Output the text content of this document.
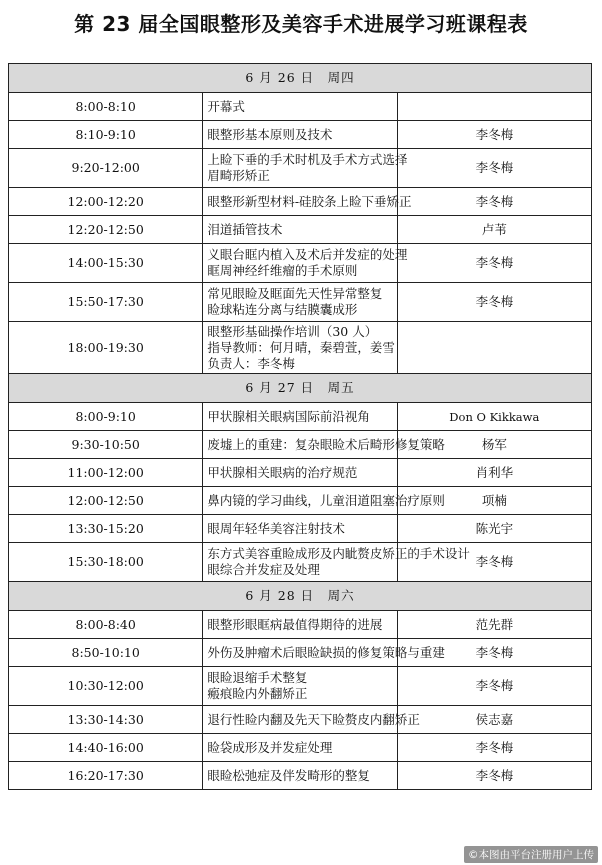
第 23 届全国眼整形及美容手术进展学习班课程表
6 月 26 日　周四		
8:00-8:10	开幕式	

8:10-9:10	眼整形基本原则及技术	李冬梅
9:20-12:00	上睑下垂的手术时机及手术方式选择
眉畸形矫正	李冬梅
12:00-12:20	眼整形新型材料-硅胶条上睑下垂矫正	李冬梅
12:20-12:50	泪道插管技术	卢苇
14:00-15:30	义眼台眶内植入及术后并发症的处理
眶周神经纤维瘤的手术原则	李冬梅
15:50-17:30	常见眼睑及眶面先天性异常整复
睑球粘连分离与结膜囊成形	李冬梅
18:00-19:30	眼整形基础操作培训（30 人）
指导教师：何月晴，秦碧萱，姜雪
负责人：李冬梅	

6 月 27 日　周五		
8:00-9:10	甲状腺相关眼病国际前沿视角	Don O Kikkawa
9:30-10:50	废墟上的重建：复杂眼睑术后畸形修复策略	杨军
11:00-12:00	甲状腺相关眼病的治疗规范	肖利华
12:00-12:50	鼻内镜的学习曲线，儿童泪道阻塞治疗原则	项楠
13:30-15:20	眼周年轻华美容注射技术	陈光宇
15:30-18:00	东方式美容重睑成形及内眦赘皮矫正的手术设计
眼综合并发症及处理	李冬梅
6 月 28 日　周六		
8:00-8:40	眼整形眼眶病最值得期待的进展	范先群
8:50-10:10	外伤及肿瘤术后眼睑缺损的修复策略与重建	李冬梅
10:30-12:00	眼睑退缩手术整复
瘢痕睑内外翻矫正	李冬梅
13:30-14:30	退行性睑内翻及先天下睑赘皮内翻矫正	侯志嘉
14:40-16:00	睑袋成形及并发症处理	李冬梅
16:20-17:30	眼睑松弛症及伴发畸形的整复	李冬梅
©本图由平台注册用户上传
